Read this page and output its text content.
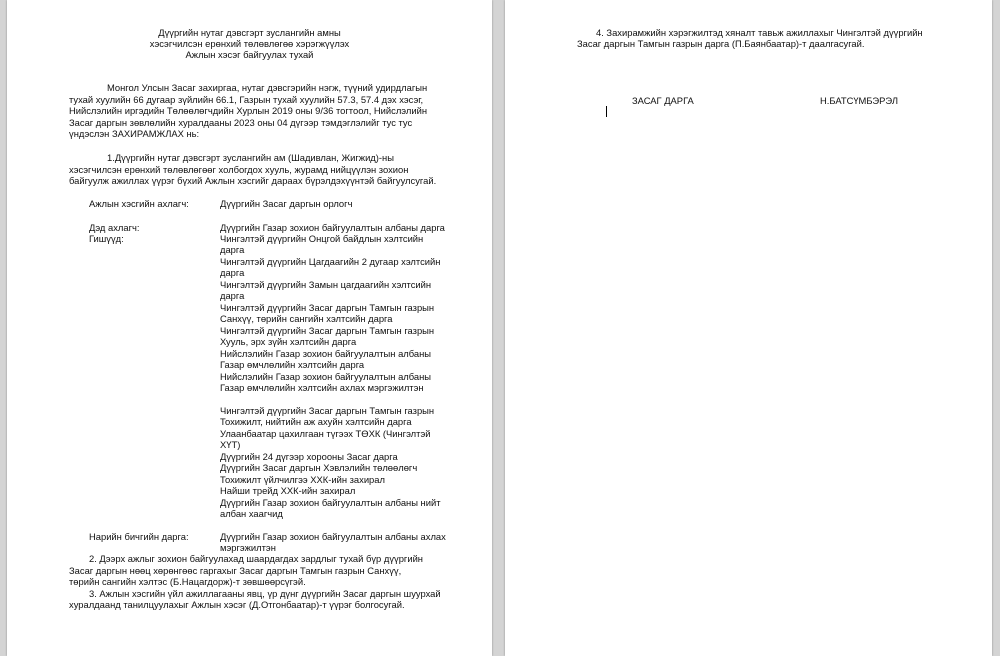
Дүүргийн нутаг дэвсгэрт зуслангийн амны
хэсэгчилсэн ерөнхий төлөвлөгөө хэрэгжүүлэх
Ажлын хэсэг байгуулах тухай
Монгол Улсын Засаг захиргаа, нутаг дэвсгэрийн нэгж, түүний удирдлагын
тухай хуулийн 66 дугаар зүйлийн 66.1, Газрын тухай хуулийн 57.3, 57.4 дэх хэсэг,
Нийслэлийн иргэдийн Төлөөлөгчдийн Хурлын 2019 оны 9/36 тогтоол, Нийслэлийн
Засаг даргын зөвлөлийн хуралдааны 2023 оны 04 дүгээр тэмдэглэлийг тус тус
үндэслэн ЗАХИРАМЖЛАХ нь:
1.Дүүргийн нутаг дэвсгэрт зуслангийн ам (Шадивлан, Жигжид)-ны
хэсэгчилсэн ерөнхий төлөвлөгөөг холбогдох хууль, журамд нийцүүлэн зохион
байгуулж ажиллах үүрэг бүхий Ажлын хэсгийг дараах бүрэлдэхүүнтэй байгуулсугай.
Ажлын хэсгийн ахлагч:	Дүүргийн Засаг даргын орлогч
Дэд ахлагч:	Дүүргийн Газар зохион байгуулалтын албаны дарга
Гишүүд:	Чингэлтэй дүүргийн Онцгой байдлын хэлтсийн
дарга
Чингэлтэй дүүргийн Цагдаагийн 2 дугаар хэлтсийн
дарга
Чингэлтэй дүүргийн Замын цагдаагийн хэлтсийн
дарга
Чингэлтэй дүүргийн Засаг даргын Тамгын газрын
Санхүү, төрийн сангийн хэлтсийн дарга
Чингэлтэй дүүргийн Засаг даргын Тамгын газрын
Хууль, эрх зүйн хэлтсийн дарга
Нийслэлийн Газар зохион байгуулалтын албаны
Газар өмчлөлийн хэлтсийн дарга
Нийслэлийн Газар зохион байгуулалтын албаны
Газар өмчлөлийн хэлтсийн ахлах мэргэжилтэн
Чингэлтэй дүүргийн Засаг даргын Тамгын газрын
Тохижилт, нийтийн аж ахуйн хэлтсийн дарга
Улаанбаатар цахилгаан түгээх ТӨХК (Чингэлтэй
ХҮТ)
Дүүргийн 24 дүгээр хорооны Засаг дарга
Дүүргийн Засаг даргын Хэвлэлийн төлөөлөгч
Тохижилт үйлчилгээ ХХК-ийн захирал
Найши трейд ХХК-ийн захирал
Дүүргийн Газар зохион байгуулалтын албаны нийт
албан хаагчид
Нарийн бичгийн дарга:	Дүүргийн Газар зохион байгуулалтын албаны ахлах
мэргэжилтэн
2. Дээрх ажлыг зохион байгуулахад шаардагдах зардлыг тухай бүр дүүргийн
Засаг даргын нөөц хөрөнгөөс гаргахыг Засаг даргын Тамгын газрын Санхүү,
төрийн сангийн хэлтэс (Б.Нацагдорж)-т зөвшөөрсүгэй.
3. Ажлын хэсгийн үйл ажиллагааны явц, үр дүнг дүүргийн Засаг даргын шуурхай
хуралдаанд танилцуулахыг Ажлын хэсэг (Д.Отгонбаатар)-т үүрэг болгосугай.
4. Захирамжийн хэрэгжилтэд хяналт тавьж ажиллахыг Чингэлтэй дүүргийн
Засаг даргын Тамгын газрын дарга (П.Баянбаатар)-т даалгасугай.
ЗАСАГ ДАРГА	Н.БАТСҮМБЭРЭЛ
